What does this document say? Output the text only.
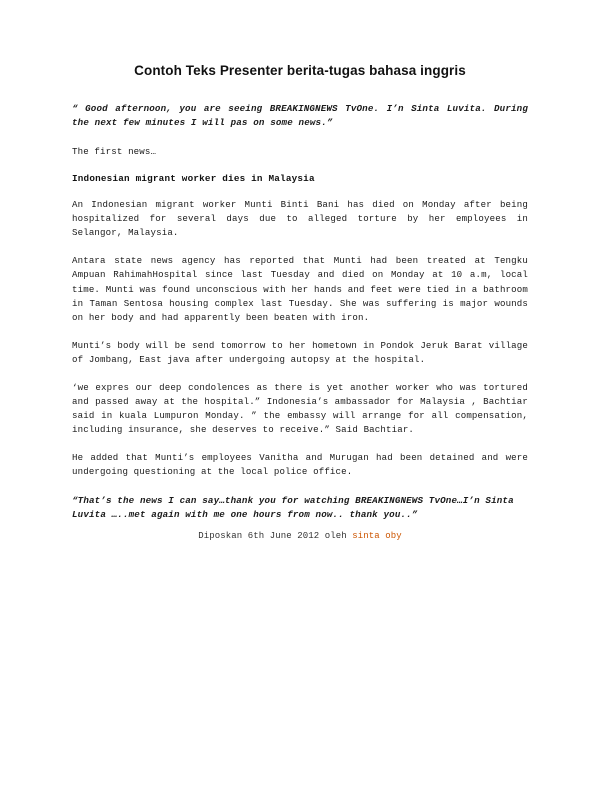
Contoh Teks Presenter berita-tugas bahasa inggris

“ Good afternoon, you are seeing BREAKINGNEWS TvOne. I’n Sinta Luvita. During the next few minutes I will pas on some news.”

The first news…

Indonesian migrant worker dies in Malaysia

An Indonesian migrant worker Munti Binti Bani has died on Monday after being hospitalized for several days due to alleged torture by her employees in Selangor, Malaysia.

Antara state news agency has reported that Munti had been treated at Tengku Ampuan RahimahHospital since last Tuesday and died on Monday at 10 a.m, local time. Munti was found unconscious with her hands and feet were tied in a bathroom in Taman Sentosa housing complex last Tuesday. She was suffering is major wounds on her body and had apparently been beaten with iron.

Munti’s body will be send tomorrow to her hometown in Pondok Jeruk Barat village of Jombang, East java after undergoing autopsy at the hospital.

‘we expres our deep condolences as there is yet another worker who was tortured and passed away at the hospital.” Indonesia’s ambassador for Malaysia , Bachtiar said in kuala Lumpuron Monday. ” the embassy will arrange for all compensation, including insurance, she deserves to receive.” Said Bachtiar.

He added that Munti’s employees Vanitha and Murugan had been detained and were undergoing questioning at the local police office.

“That’s the news I can say…thank you for watching BREAKINGNEWS TvOne…I’n Sinta Luvita …..met again with me one hours from now.. thank you..”

Diposkan 6th June 2012 oleh sinta oby
